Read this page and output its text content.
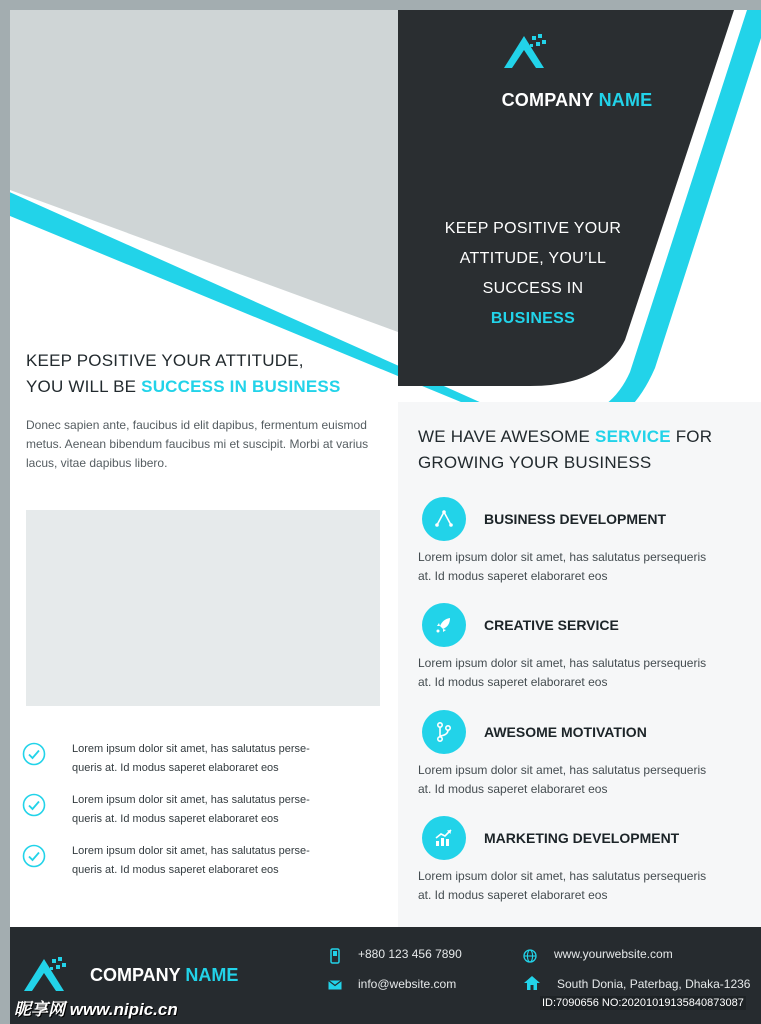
COMPANY NAME
KEEP POSITIVE YOUR
ATTITUDE, YOU’LL
SUCCESS IN
BUSINESS
KEEP POSITIVE YOUR ATTITUDE,
YOU WILL BE SUCCESS IN BUSINESS
Donec sapien ante, faucibus id elit dapibus, fermentum euismod
metus. Aenean bibendum faucibus mi et suscipit. Morbi at varius
lacus, vitae dapibus libero.
Lorem ipsum dolor sit amet, has salutatus perse-
queris at. Id modus saperet elaboraret eos
Lorem ipsum dolor sit amet, has salutatus perse-
queris at. Id modus saperet elaboraret eos
Lorem ipsum dolor sit amet, has salutatus perse-
queris at. Id modus saperet elaboraret eos
WE HAVE AWESOME SERVICE FOR
GROWING YOUR BUSINESS
BUSINESS DEVELOPMENT
Lorem ipsum dolor sit amet, has salutatus persequeris
at. Id modus saperet elaboraret eos
CREATIVE SERVICE
Lorem ipsum dolor sit amet, has salutatus persequeris
at. Id modus saperet elaboraret eos
AWESOME MOTIVATION
Lorem ipsum dolor sit amet, has salutatus persequeris
at. Id modus saperet elaboraret eos
MARKETING DEVELOPMENT
Lorem ipsum dolor sit amet, has salutatus persequeris
at. Id modus saperet elaboraret eos
COMPANY NAME
+880 123 456 7890
info@website.com
www.yourwebsite.com
South Donia, Paterbag, Dhaka-1236
昵享网 www.nipic.cn	ID:7090656 NO:20201019135840873087
